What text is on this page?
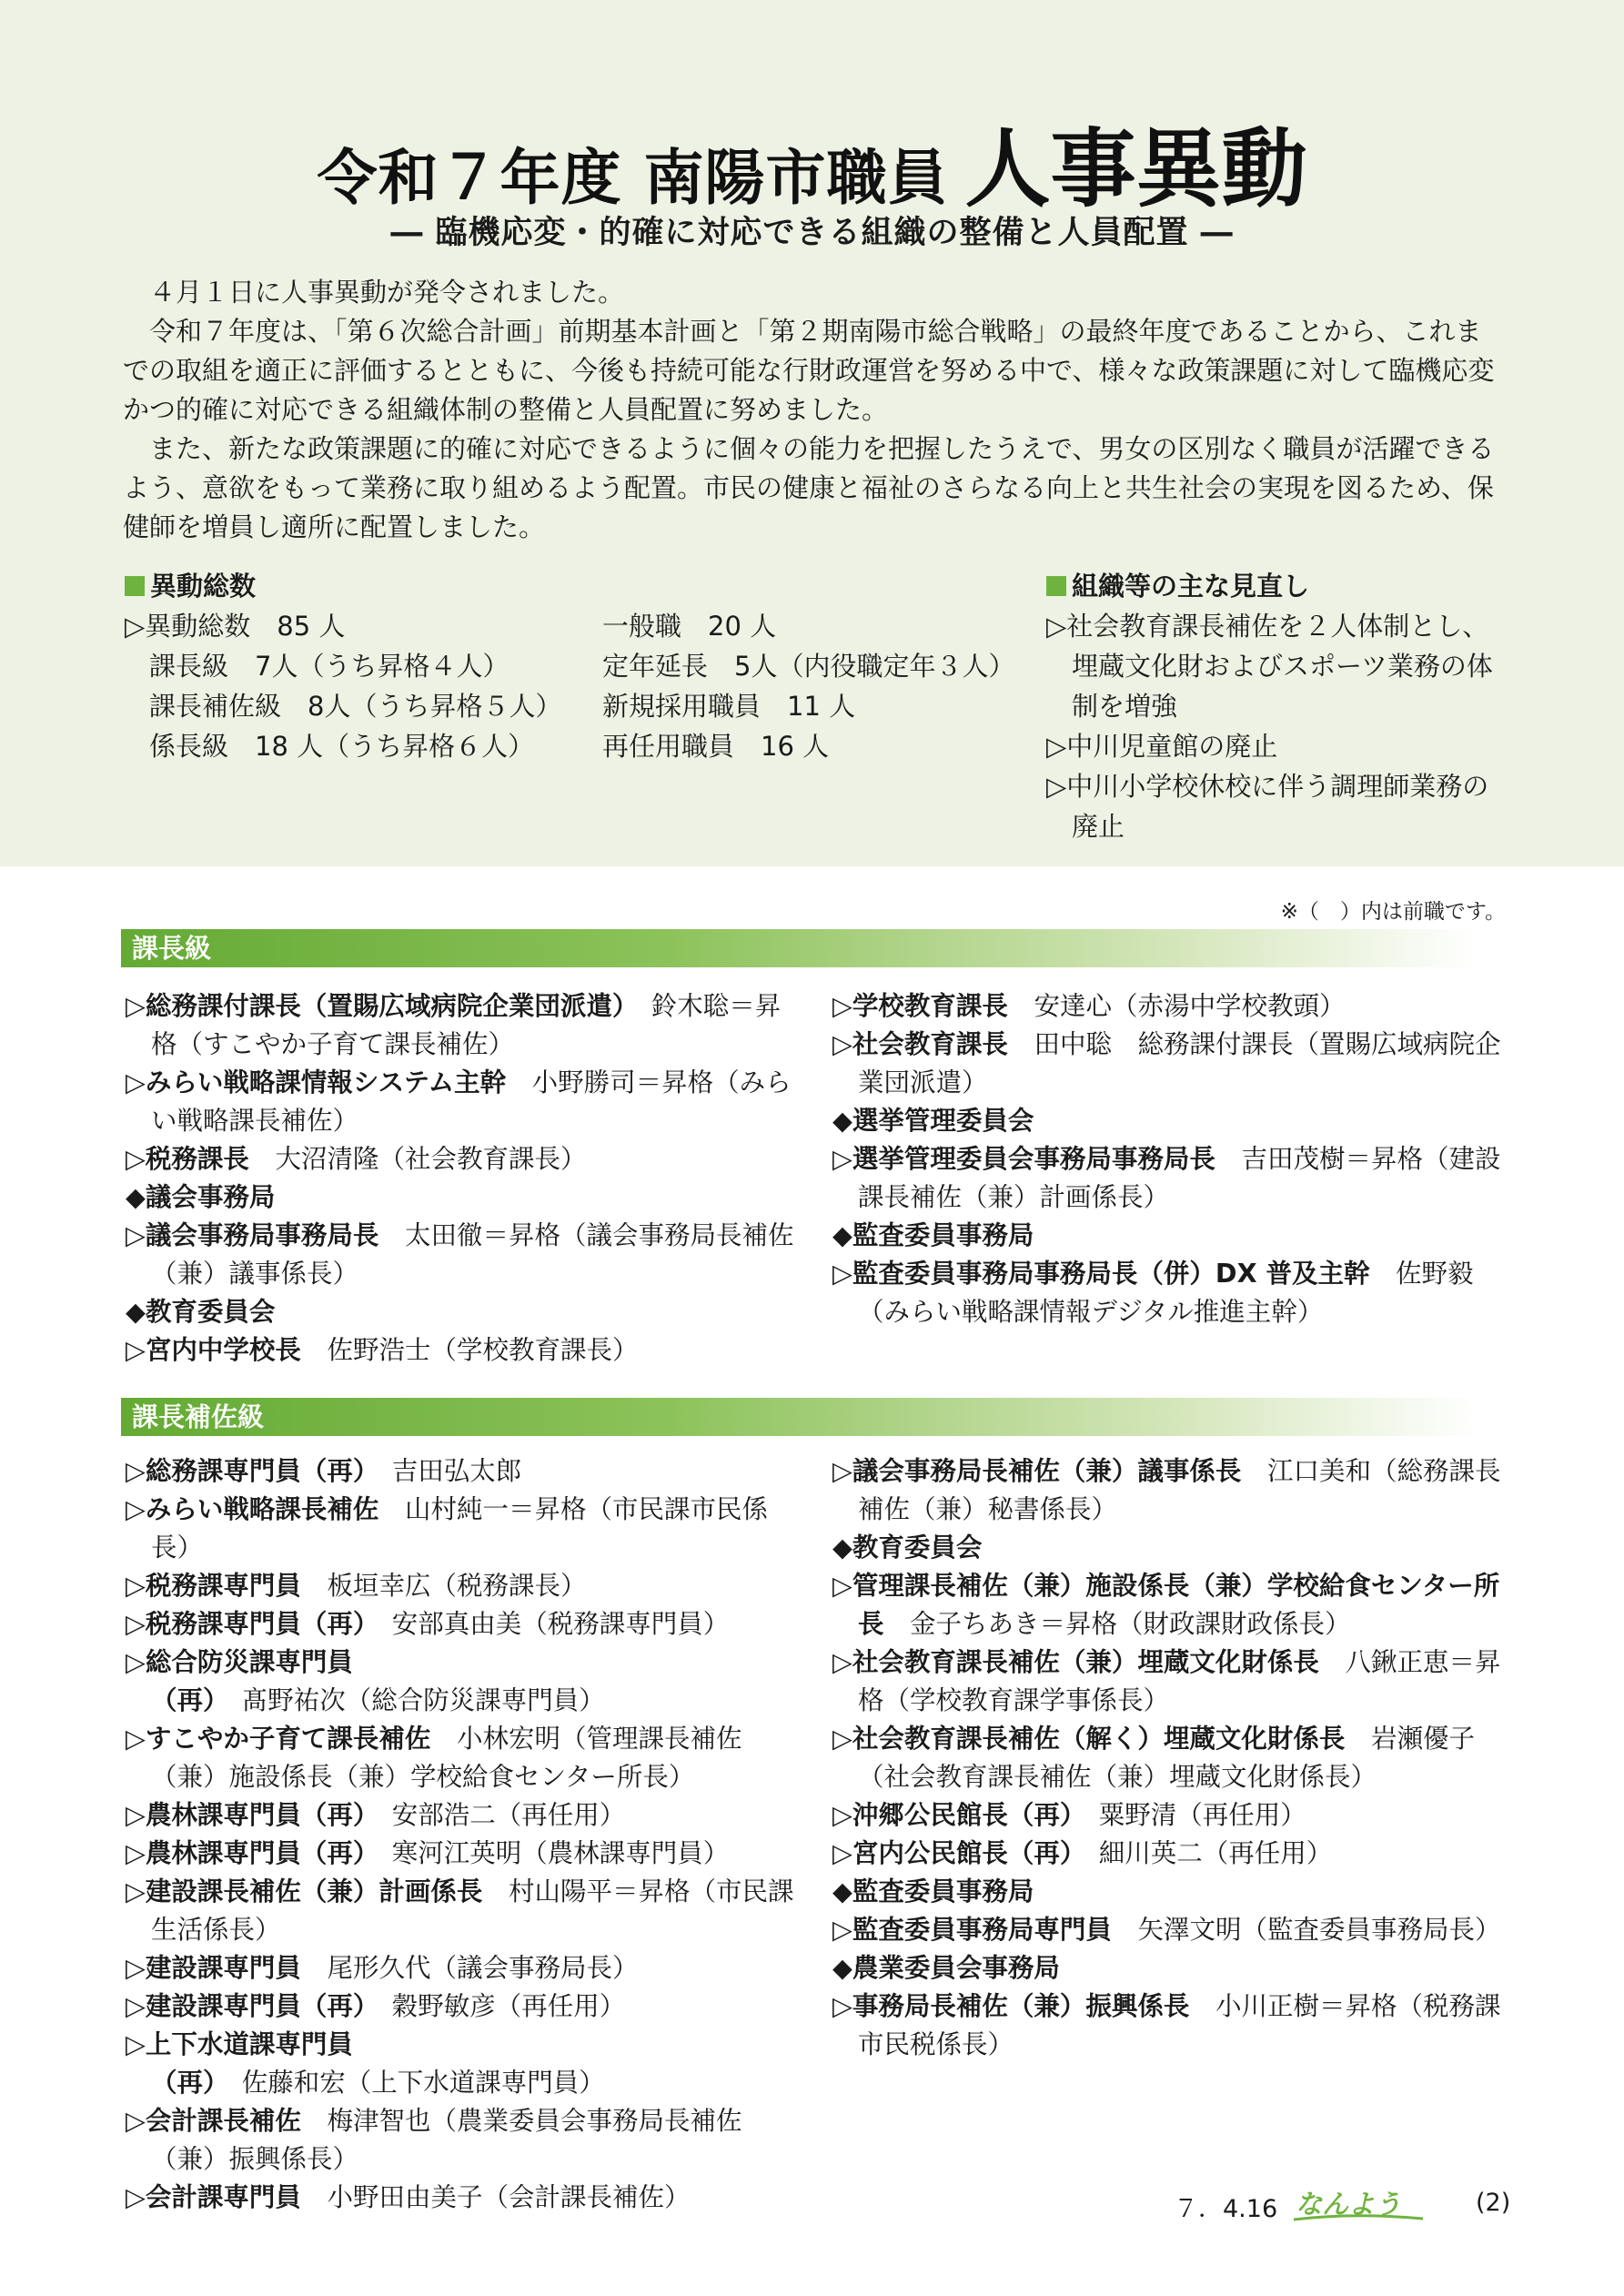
令和７年度 南陽市職員 人事異動
― 臨機応変・的確に対応できる組織の整備と人員配置 ―

４月１日に人事異動が発令されました。

令和７年度は、「第６次総合計画」前期基本計画と「第２期南陽市総合戦略」の最終年度であることから、これまでの取組を適正に評価するとともに、今後も持続可能な行財政運営を努める中で、様々な政策課題に対して臨機応変かつ的確に対応できる組織体制の整備と人員配置に努めました。

また、新たな政策課題に的確に対応できるように個々の能力を把握したうえで、男女の区別なく職員が活躍できるよう、意欲をもって業務に取り組めるよう配置。市民の健康と福祉のさらなる向上と共生社会の実現を図るため、保健師を増員し適所に配置しました。

異動総数
▷異動総数　85 人
課長級　7人（うち昇格４人）
課長補佐級　8人（うち昇格５人）
係長級　18 人（うち昇格６人）
一般職　20 人
定年延長　5人（内役職定年３人）
新規採用職員　11 人
再任用職員　16 人
組織等の主な見直し
▷社会教育課長補佐を２人体制とし、埋蔵文化財およびスポーツ業務の体制を増強
▷中川児童館の廃止
▷中川小学校休校に伴う調理師業務の廃止
※（　）内は前職です。
課長級
▷総務課付課長（置賜広域病院企業団派遣）　鈴木聡＝昇格（すこやか子育て課長補佐）
▷みらい戦略課情報システム主幹　小野勝司＝昇格（みらい戦略課長補佐）
▷税務課長　大沼清隆（社会教育課長）
◆議会事務局
▷議会事務局事務局長　太田徹＝昇格（議会事務局長補佐（兼）議事係長）
◆教育委員会
▷宮内中学校長　佐野浩士（学校教育課長）
▷学校教育課長　安達心（赤湯中学校教頭）
▷社会教育課長　田中聡　総務課付課長（置賜広域病院企業団派遣）
◆選挙管理委員会
▷選挙管理委員会事務局事務局長　吉田茂樹＝昇格（建設課長補佐（兼）計画係長）
◆監査委員事務局
▷監査委員事務局事務局長（併）DX 普及主幹　佐野毅（みらい戦略課情報デジタル推進主幹）
課長補佐級
▷総務課専門員（再）　吉田弘太郎
▷みらい戦略課長補佐　山村純一＝昇格（市民課市民係長）
▷税務課専門員　板垣幸広（税務課長）
▷税務課専門員（再）　安部真由美（税務課専門員）
▷総合防災課専門員（再）　髙野祐次（総合防災課専門員）
▷すこやか子育て課長補佐　小林宏明（管理課長補佐（兼）施設係長（兼）学校給食センター所長）
▷農林課専門員（再）　安部浩二（再任用）
▷農林課専門員（再）　寒河江英明（農林課専門員）
▷建設課長補佐（兼）計画係長　村山陽平＝昇格（市民課生活係長）
▷建設課専門員　尾形久代（議会事務局長）
▷建設課専門員（再）　穀野敏彦（再任用）
▷上下水道課専門員（再）　佐藤和宏（上下水道課専門員）
▷会計課長補佐　梅津智也（農業委員会事務局長補佐（兼）振興係長）
▷会計課専門員　小野田由美子（会計課長補佐）
▷議会事務局長補佐（兼）議事係長　江口美和（総務課長補佐（兼）秘書係長）
◆教育委員会
▷管理課長補佐（兼）施設係長（兼）学校給食センター所長　金子ちあき＝昇格（財政課財政係長）
▷社会教育課長補佐（兼）埋蔵文化財係長　八鍬正恵＝昇格（学校教育課学事係長）
▷社会教育課長補佐（解く）埋蔵文化財係長　岩瀬優子（社会教育課長補佐（兼）埋蔵文化財係長）
▷沖郷公民館長（再）　粟野清（再任用）
▷宮内公民館長（再）　細川英二（再任用）
◆監査委員事務局
▷監査委員事務局専門員　矢澤文明（監査委員事務局長）
◆農業委員会事務局
▷事務局長補佐（兼）振興係長　小川正樹＝昇格（税務課市民税係長）
７．4.16 なんよう	(2)
